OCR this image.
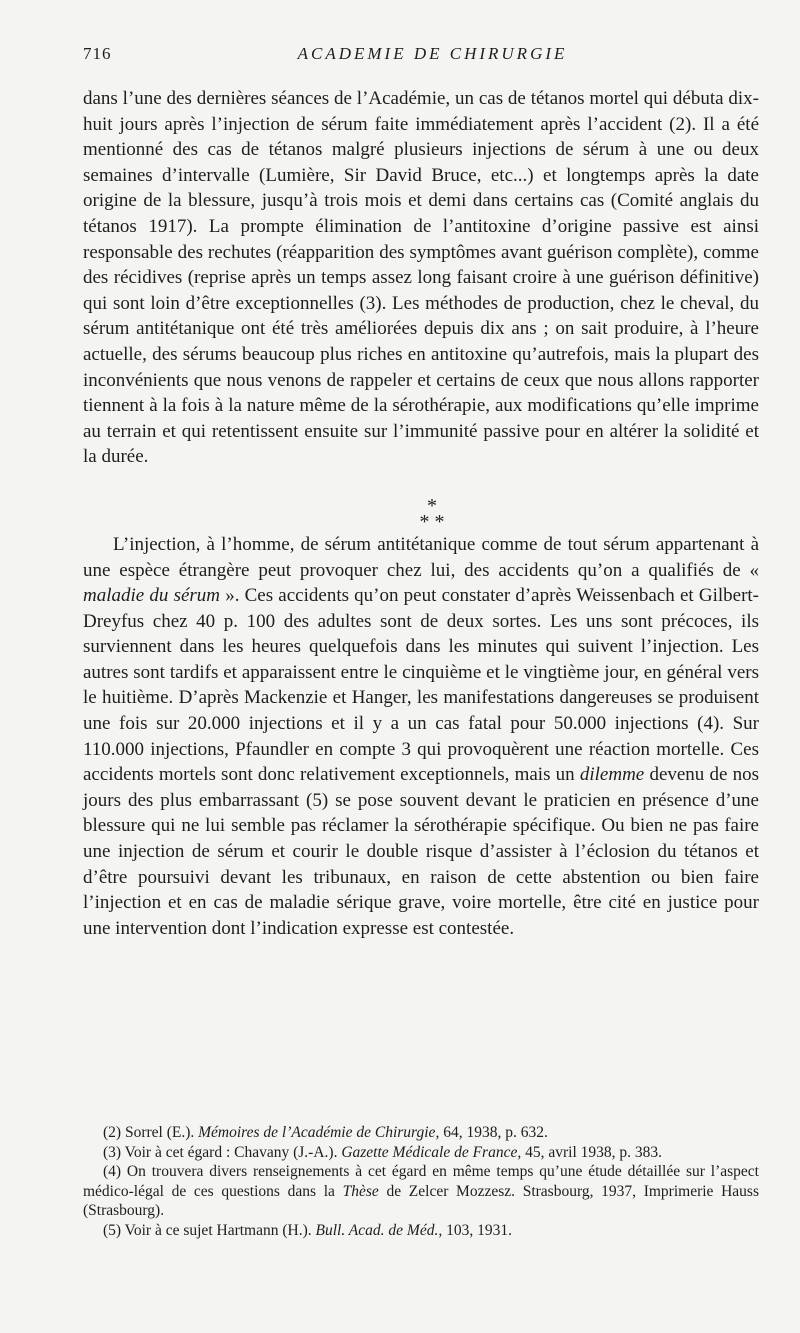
716	ACADEMIE DE CHIRURGIE

dans l’une des dernières séances de l’Académie, un cas de tétanos mortel qui débuta dix-huit jours après l’injection de sérum faite immédiatement après l’accident (2). Il a été mentionné des cas de tétanos malgré plusieurs injections de sérum à une ou deux semaines d’intervalle (Lumière, Sir David Bruce, etc...) et longtemps après la date origine de la blessure, jusqu’à trois mois et demi dans certains cas (Comité anglais du tétanos 1917). La prompte élimination de l’antitoxine d’origine passive est ainsi responsable des rechutes (réapparition des symptômes avant guérison complète), comme des récidives (reprise après un temps assez long faisant croire à une guérison définitive) qui sont loin d’être exceptionnelles (3). Les méthodes de production, chez le cheval, du sérum antitétanique ont été très améliorées depuis dix ans ; on sait produire, à l’heure actuelle, des sérums beaucoup plus riches en antitoxine qu’autrefois, mais la plupart des inconvénients que nous venons de rappeler et certains de ceux que nous allons rapporter tiennent à la fois à la nature même de la sérothérapie, aux modifications qu’elle imprime au terrain et qui retentissent ensuite sur l’immunité passive pour en altérer la solidité et la durée.

*
* *

L’injection, à l’homme, de sérum antitétanique comme de tout sérum appartenant à une espèce étrangère peut provoquer chez lui, des accidents qu’on a qualifiés de « maladie du sérum ». Ces accidents qu’on peut constater d’après Weissenbach et Gilbert-Dreyfus chez 40 p. 100 des adultes sont de deux sortes. Les uns sont précoces, ils surviennent dans les heures quelquefois dans les minutes qui suivent l’injection. Les autres sont tardifs et apparaissent entre le cinquième et le vingtième jour, en général vers le huitième. D’après Mackenzie et Hanger, les manifestations dangereuses se produisent une fois sur 20.000 injections et il y a un cas fatal pour 50.000 injections (4). Sur 110.000 injections, Pfaundler en compte 3 qui provoquèrent une réaction mortelle. Ces accidents mortels sont donc relativement exceptionnels, mais un dilemme devenu de nos jours des plus embarrassant (5) se pose souvent devant le praticien en présence d’une blessure qui ne lui semble pas réclamer la sérothérapie spécifique. Ou bien ne pas faire une injection de sérum et courir le double risque d’assister à l’éclosion du tétanos et d’être poursuivi devant les tribunaux, en raison de cette abstention ou bien faire l’injection et en cas de maladie sérique grave, voire mortelle, être cité en justice pour une intervention dont l’indication expresse est contestée.

(2) Sorrel (E.). Mémoires de l’Académie de Chirurgie, 64, 1938, p. 632.

(3) Voir à cet égard : Chavany (J.-A.). Gazette Médicale de France, 45, avril 1938, p. 383.

(4) On trouvera divers renseignements à cet égard en même temps qu’une étude détaillée sur l’aspect médico-légal de ces questions dans la Thèse de Zelcer Mozzesz. Strasbourg, 1937, Imprimerie Hauss (Strasbourg).

(5) Voir à ce sujet Hartmann (H.). Bull. Acad. de Méd., 103, 1931.
